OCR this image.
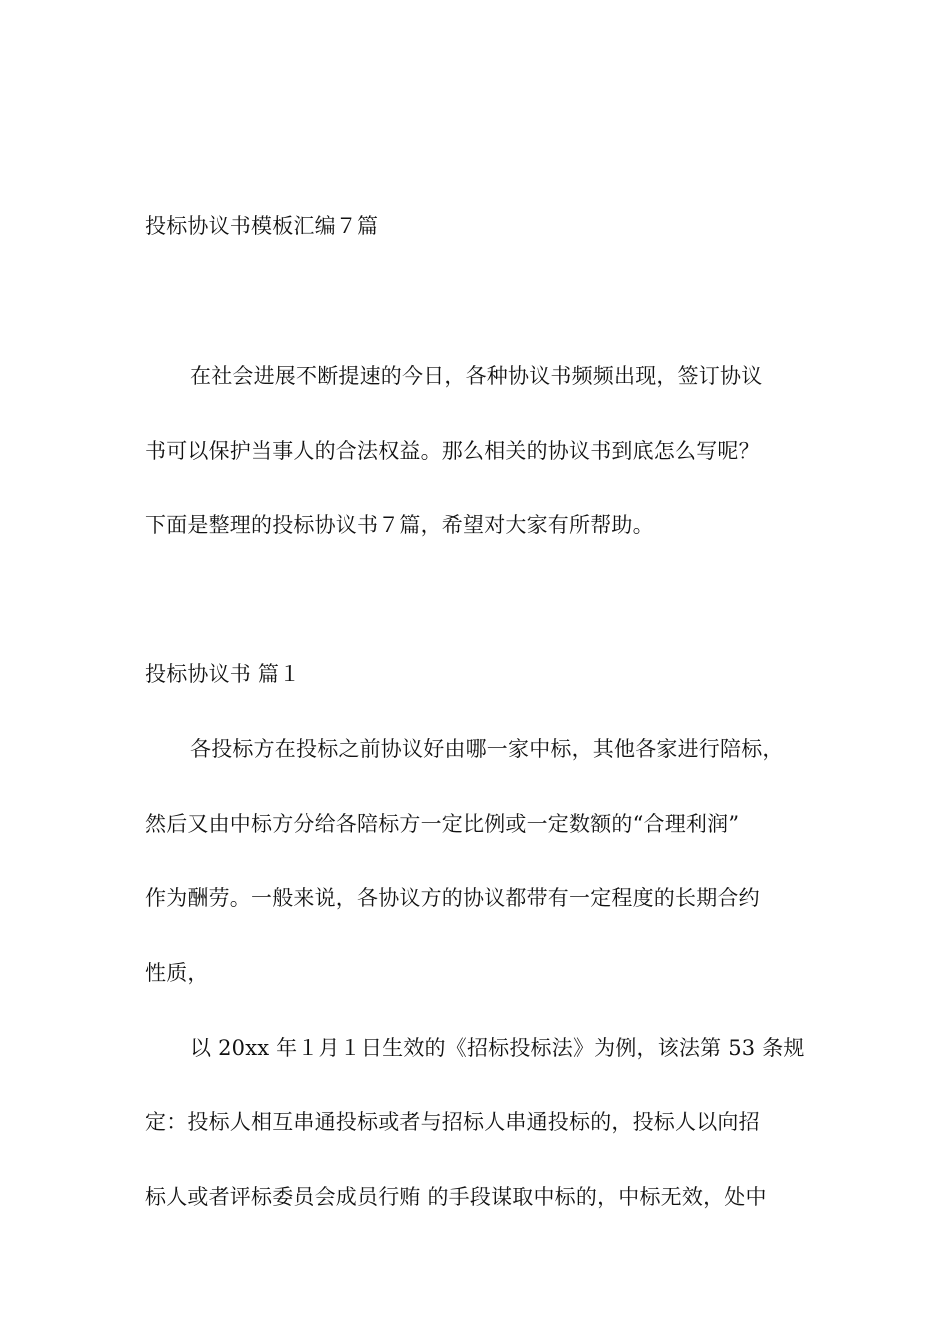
投标协议书模板汇编７篇
在社会进展不断提速的今日，各种协议书频频出现，签订协议
书可以保护当事人的合法权益。那么相关的协议书到底怎么写呢？
下面是整理的投标协议书７篇，希望对大家有所帮助。
投标协议书 篇１
各投标方在投标之前协议好由哪一家中标，其他各家进行陪标，
然后又由中标方分给各陪标方一定比例或一定数额的“合理利润”
作为酬劳。一般来说，各协议方的协议都带有一定程度的长期合约
性质，
以 20xx 年１月１日生效的《招标投标法》为例，该法第 53 条规
定：投标人相互串通投标或者与招标人串通投标的，投标人以向招
标人或者评标委员会成员行贿 的手段谋取中标的，中标无效，处中
